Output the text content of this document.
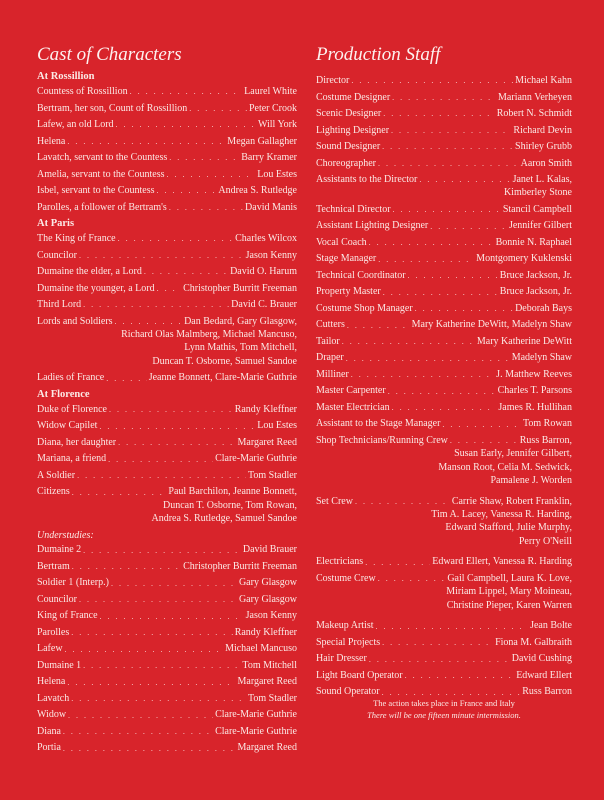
Cast of Characters
At Rossillion
Countess of Rossillion . . .	Laurel White
Bertram, her son, Count of Rossillion . . .	Peter Crook
Lafew, an old Lord . . .	Will York
Helena . . .	Megan Gallagher
Lavatch, servant to the Countess . . .	Barry Kramer
Amelia, servant to the Countess . . .	Lou Estes
Isbel, servant to the Countess . . .	Andrea S. Rutledge
Parolles, a follower of Bertram's . . .	David Manis
At Paris
The King of France . . .	Charles Wilcox
Councilor . . .	Jason Kenny
Dumaine the elder, a Lord . . .	David O. Harum
Dumaine the younger, a Lord . . .	Christopher Burritt Freeman
Third Lord . . .	David C. Brauer
Lords and Soldiers . . .	Dan Bedard, Gary Glasgow,
Richard Olas Malmberg, Michael Mancuso,
Lynn Mathis, Tom Mitchell,
Duncan T. Osborne, Samuel Sandoe
Ladies of France . . .	Jeanne Bonnett, Clare-Marie Guthrie
At Florence
Duke of Florence . . .	Randy Kleffner
Widow Capilet . . .	Lou Estes
Diana, her daughter . . .	Margaret Reed
Mariana, a friend . . .	Clare-Marie Guthrie
A Soldier . . .	Tom Stadler
Citizens . . .	Paul Barchilon, Jeanne Bonnett,
Duncan T. Osborne, Tom Rowan,
Andrea S. Rutledge, Samuel Sandoe
Understudies:
Dumaine 2 . . .	David Brauer
Bertram . . .	Christopher Burritt Freeman
Soldier 1 (Interp.) . . .	Gary Glasgow
Councilor . . .	Gary Glasgow
King of France . . .	Jason Kenny
Parolles . . .	Randy Kleffner
Lafew . . .	Michael Mancuso
Dumaine 1 . . .	Tom Mitchell
Helena . . .	Margaret Reed
Lavatch . . .	Tom Stadler
Widow . . .	Clare-Marie Guthrie
Diana . . .	Clare-Marie Guthrie
Portia . . .	Margaret Reed
Production Staff
Director . . .	Michael Kahn
Costume Designer . . .	Mariann Verheyen
Scenic Designer . . .	Robert N. Schmidt
Lighting Designer . . .	Richard Devin
Sound Designer . . .	Shirley Grubb
Choreographer . . .	Aaron Smith
Assistants to the Director . . .	Janet L. Kalas,
Kimberley Stone
Technical Director . . .	Stancil Campbell
Assistant Lighting Designer . . .	Jennifer Gilbert
Vocal Coach . . .	Bonnie N. Raphael
Stage Manager . . .	Montgomery Kuklenski
Technical Coordinator . . .	Bruce Jackson, Jr.
Property Master . . .	Bruce Jackson, Jr.
Costume Shop Manager . . .	Deborah Bays
Cutters . . .	Mary Katherine DeWitt, Madelyn Shaw
Tailor . . .	Mary Katherine DeWitt
Draper . . .	Madelyn Shaw
Milliner . . .	J. Matthew Reeves
Master Carpenter . . .	Charles T. Parsons
Master Electrician . . .	James R. Hullihan
Assistant to the Stage Manager . . .	Tom Rowan
Shop Technicians/Running Crew . . .	Russ Barron,
Susan Early, Jennifer Gilbert,
Manson Root, Celia M. Sedwick,
Pamalene J. Worden
Set Crew . . .	Carrie Shaw, Robert Franklin,
Tim A. Lacey, Vanessa R. Harding,
Edward Stafford, Julie Murphy,
Perry O'Neill
Electricians . . .	Edward Ellert, Vanessa R. Harding
Costume Crew . . .	Gail Campbell, Laura K. Love,
Miriam Lippel, Mary Moineau,
Christine Pieper, Karen Warren
Makeup Artist . . .	Jean Bolte
Special Projects . . .	Fiona M. Galbraith
Hair Dresser . . .	David Cushing
Light Board Operator . . .	Edward Ellert
Sound Operator . . .	Russ Barron
The action takes place in France and Italy
There will be one fifteen minute intermission.
